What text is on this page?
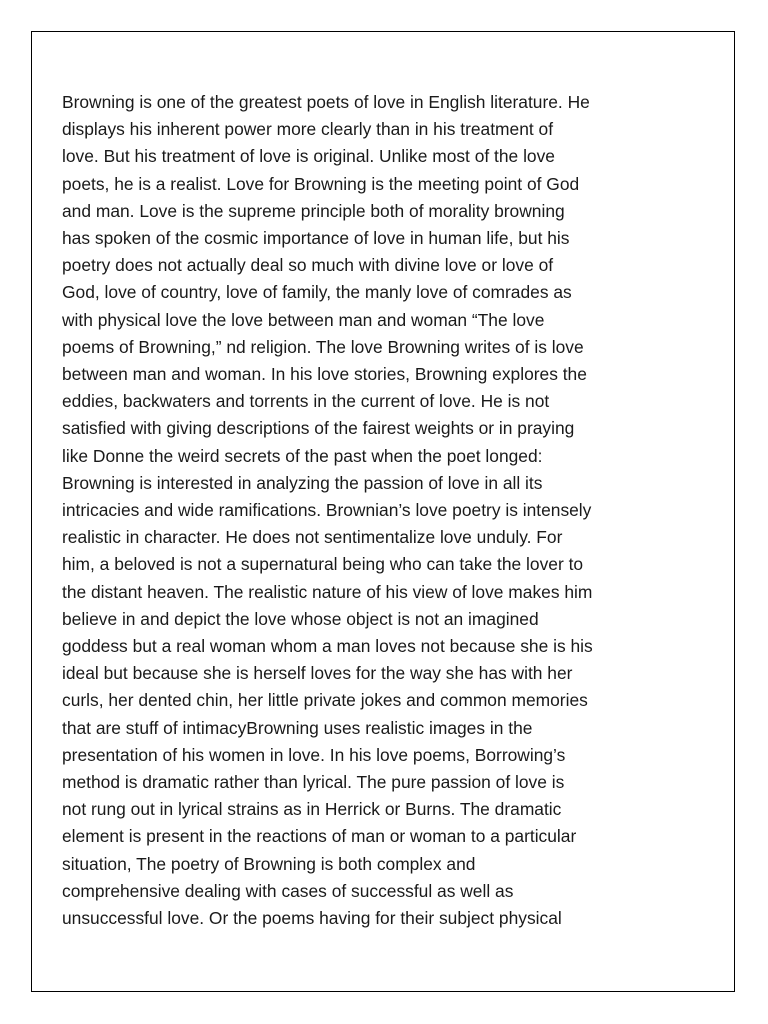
Browning is one of the greatest poets of love in English literature. He
displays his inherent power more clearly than in his treatment of
love. But his treatment of love is original. Unlike most of the love
poets, he is a realist. Love for Browning is the meeting point of God
and man. Love is the supreme principle both of morality browning
has spoken of the cosmic importance of love in human life, but his
poetry does not actually deal so much with divine love or love of
God, love of country, love of family, the manly love of comrades as
with physical love the love between man and woman “The love
poems of Browning,” nd religion. The love Browning writes of is love
between man and woman. In his love stories, Browning explores the
eddies, backwaters and torrents in the current of love. He is not
satisfied with giving descriptions of the fairest weights or in praying
like Donne the weird secrets of the past when the poet longed:
Browning is interested in analyzing the passion of love in all its
intricacies and wide ramifications. Brownian’s love poetry is intensely
realistic in character. He does not sentimentalize love unduly. For
him, a beloved is not a supernatural being who can take the lover to
the distant heaven. The realistic nature of his view of love makes him
believe in and depict the love whose object is not an imagined
goddess but a real woman whom a man loves not because she is his
ideal but because she is herself loves for the way she has with her
curls, her dented chin, her little private jokes and common memories
that are stuff of intimacyBrowning uses realistic images in the
presentation of his women in love. In his love poems, Borrowing’s
method is dramatic rather than lyrical. The pure passion of love is
not rung out in lyrical strains as in Herrick or Burns. The dramatic
element is present in the reactions of man or woman to a particular
situation, The poetry of Browning is both complex and
comprehensive dealing with cases of successful as well as
unsuccessful love. Or the poems having for their subject physical
